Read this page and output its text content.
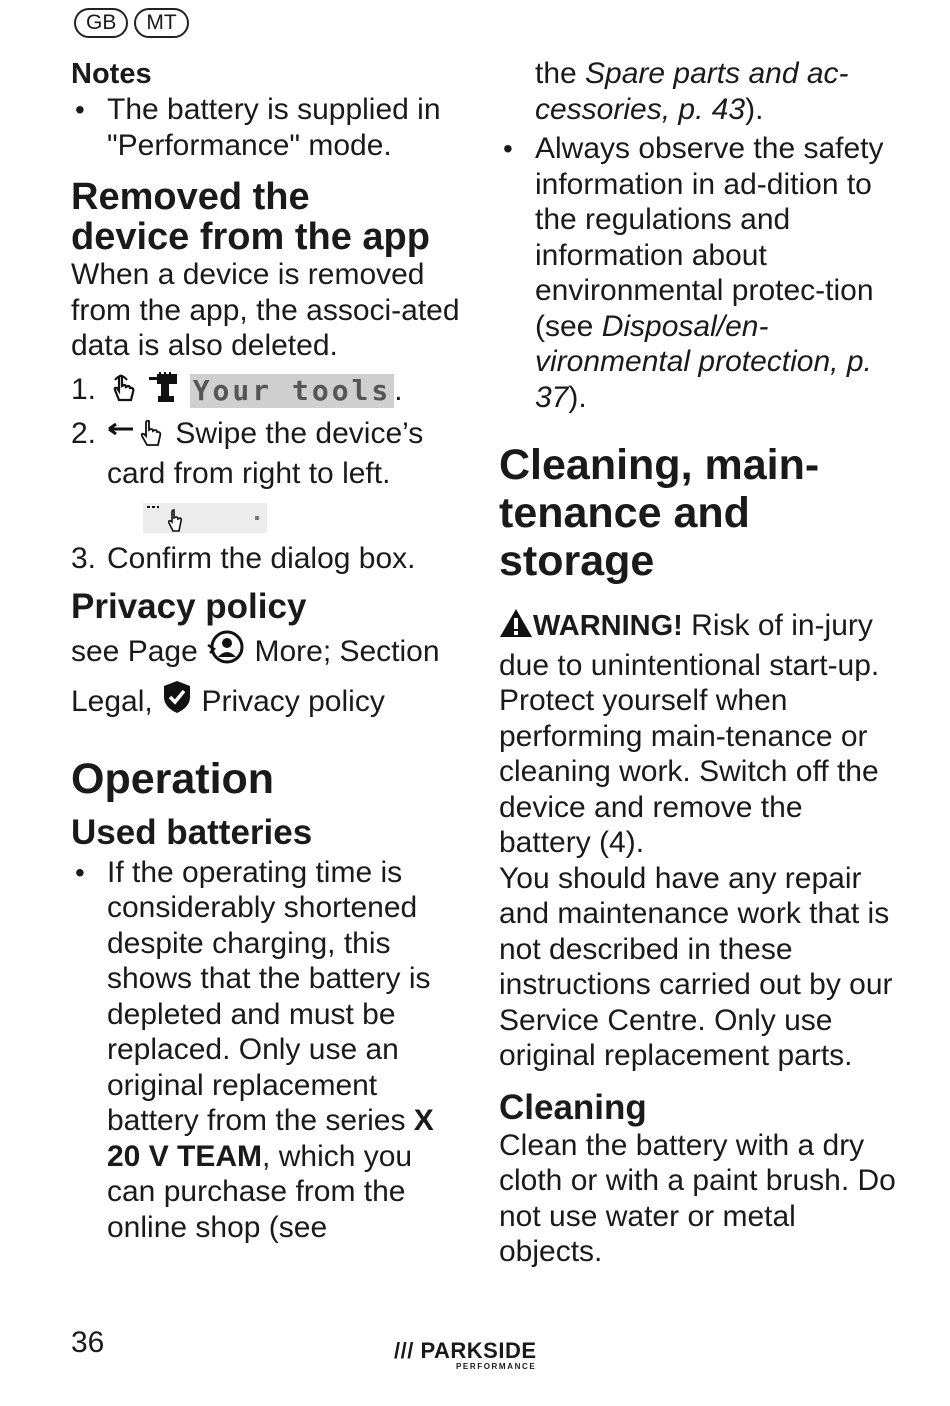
GB	MT

Notes

• The battery is supplied in "Performance" mode.

Removed the
device from the app

When a device is removed from the app, the associ-ated data is also deleted.

1.	Your tools .
2.	Swipe the device’s card from right to left.
3. Confirm the dialog box.

Privacy policy

see Page More; Section
Legal, Privacy policy

Operation

Used batteries

• If the operating time is considerably shortened despite charging, this shows that the battery is depleted and must be replaced. Only use an original replacement battery from the series X 20 V TEAM, which you can purchase from the online shop (see

the Spare parts and ac-cessories, p. 43).

• Always observe the safety information in ad-dition to the regulations and information about environmental protec-tion (see Disposal/en-vironmental protection, p. 37).

Cleaning, main-
tenance and
storage

WARNING! Risk of in-jury due to unintentional start-up. Protect yourself when performing main-tenance or cleaning work. Switch off the device and remove the battery (4).

You should have any repair and maintenance work that is not described in these instructions carried out by our Service Centre. Only use original replacement parts.

Cleaning

Clean the battery with a dry cloth or with a paint brush. Do not use water or metal objects.

36	/// PARKSIDE
PERFORMANCE
